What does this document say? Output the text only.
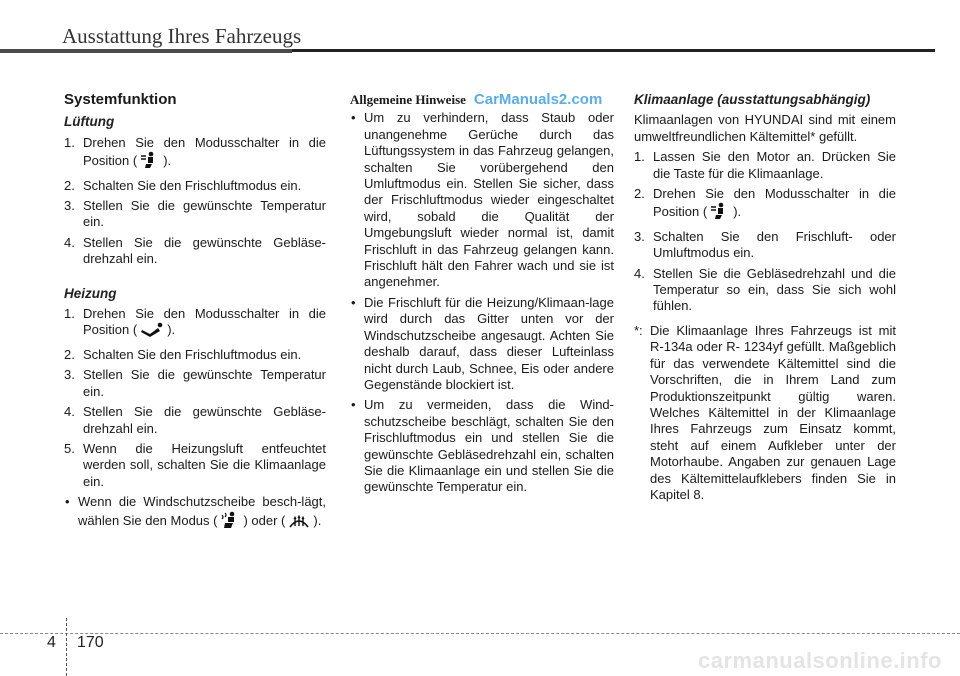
Ausstattung Ihres Fahrzeugs
Systemfunktion
Lüftung
1. Drehen Sie den Modusschalter in die Position ( ).
2. Schalten Sie den Frischluftmodus ein.
3. Stellen Sie die gewünschte Temperatur ein.
4. Stellen Sie die gewünschte Gebläse-drehzahl ein.
Heizung
1. Drehen Sie den Modusschalter in die Position ( ).
2. Schalten Sie den Frischluftmodus ein.
3. Stellen Sie die gewünschte Temperatur ein.
4. Stellen Sie die gewünschte Gebläse-drehzahl ein.
5. Wenn die Heizungsluft entfeuchtet werden soll, schalten Sie die Klimaanlage ein.
• Wenn die Windschutzscheibe besch-lägt, wählen Sie den Modus ( ) oder ( ).
Allgemeine Hinweise CarManuals2.com
• Um zu verhindern, dass Staub oder unangenehme Gerüche durch das Lüftungssystem in das Fahrzeug gelangen, schalten Sie vorübergehend den Umluftmodus ein. Stellen Sie sicher, dass der Frischluftmodus wieder eingeschaltet wird, sobald die Qualität der Umgebungsluft wieder normal ist, damit Frischluft in das Fahrzeug gelangen kann. Frischluft hält den Fahrer wach und sie ist angenehmer.
• Die Frischluft für die Heizung/Klimaan-lage wird durch das Gitter unten vor der Windschutzscheibe angesaugt. Achten Sie deshalb darauf, dass dieser Lufteinlass nicht durch Laub, Schnee, Eis oder andere Gegenstände blockiert ist.
• Um zu vermeiden, dass die Wind-schutzscheibe beschlägt, schalten Sie den Frischluftmodus ein und stellen Sie die gewünschte Gebläsedrehzahl ein, schalten Sie die Klimaanlage ein und stellen Sie die gewünschte Temperatur ein.
Klimaanlage (ausstattungsabhängig)
Klimaanlagen von HYUNDAI sind mit einem umweltfreundlichen Kältemittel* gefüllt.
1. Lassen Sie den Motor an. Drücken Sie die Taste für die Klimaanlage.
2. Drehen Sie den Modusschalter in die Position ( ).
3. Schalten Sie den Frischluft- oder Umluftmodus ein.
4. Stellen Sie die Gebläsedrehzahl und die Temperatur so ein, dass Sie sich wohl fühlen.
*: Die Klimaanlage Ihres Fahrzeugs ist mit R-134a oder R- 1234yf gefüllt. Maßgeblich für das verwendete Kältemittel sind die Vorschriften, die in Ihrem Land zum Produktionszeitpunkt gültig waren. Welches Kältemittel in der Klimaanlage Ihres Fahrzeugs zum Einsatz kommt, steht auf einem Aufkleber unter der Motorhaube. Angaben zur genauen Lage des Kältemittelaufklebers finden Sie in Kapitel 8.
4 170
carmanualsonline.info
